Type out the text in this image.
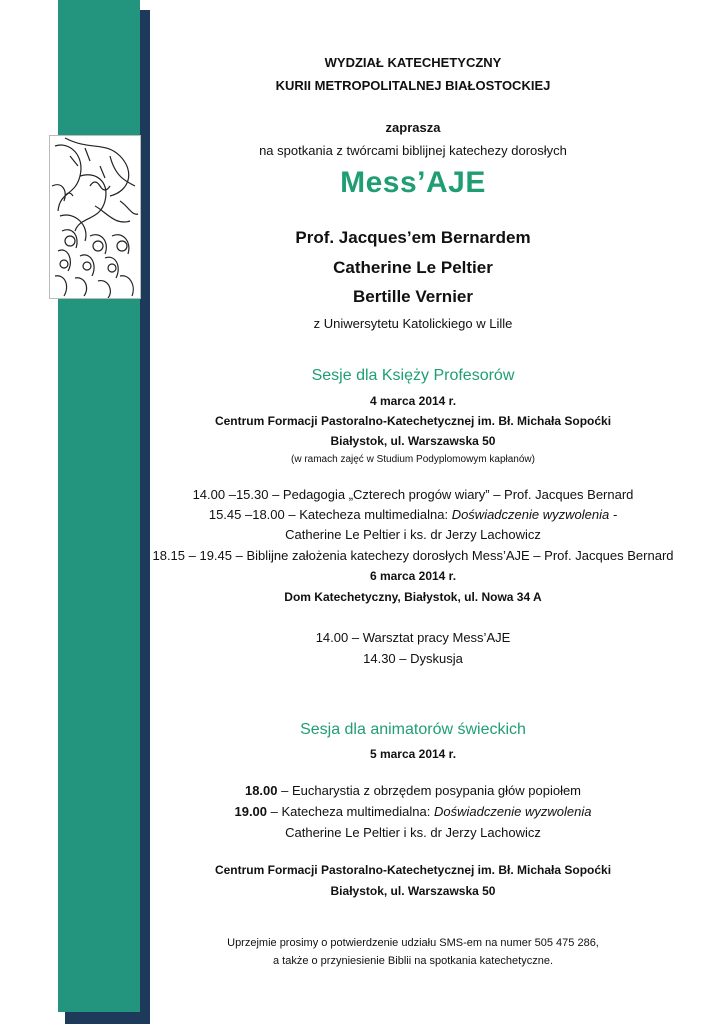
WYDZIAŁ KATECHETYCZNY
KURII METROPOLITALNEJ BIAŁOSTOCKIEJ
zaprasza
na spotkania z twórcami biblijnej katechezy dorosłych
Mess’AJE
Prof. Jacques’em Bernardem
Catherine Le Peltier
Bertille Vernier
z Uniwersytetu Katolickiego w Lille
Sesje dla Księży Profesorów
4 marca 2014 r.
Centrum Formacji Pastoralno-Katechetycznej im. Bł. Michała Sopoćki
Białystok, ul. Warszawska 50
(w ramach zajęć w Studium Podyplomowym kapłanów)
14.00 –15.30 – Pedagogia „Czterech progów wiary” – Prof. Jacques Bernard
15.45 –18.00 – Katecheza multimedialna: Doświadczenie wyzwolenia -
Catherine Le Peltier i ks. dr Jerzy Lachowicz
18.15 – 19.45 – Biblijne założenia katechezy dorosłych Mess’AJE – Prof. Jacques Bernard
6 marca 2014 r.
Dom Katechetyczny, Białystok, ul. Nowa 34 A
14.00 – Warsztat pracy Mess’AJE
14.30 – Dyskusja
Sesja dla animatorów świeckich
5 marca 2014 r.
18.00 – Eucharystia z obrzędem posypania głów popiołem
19.00 – Katecheza multimedialna: Doświadczenie wyzwolenia
Catherine Le Peltier i ks. dr Jerzy Lachowicz
Centrum Formacji Pastoralno-Katechetycznej im. Bł. Michała Sopoćki
Białystok, ul. Warszawska 50
Uprzejmie prosimy o potwierdzenie udziału SMS-em na numer 505 475 286,
a także o przyniesienie Biblii na spotkania katechetyczne.
